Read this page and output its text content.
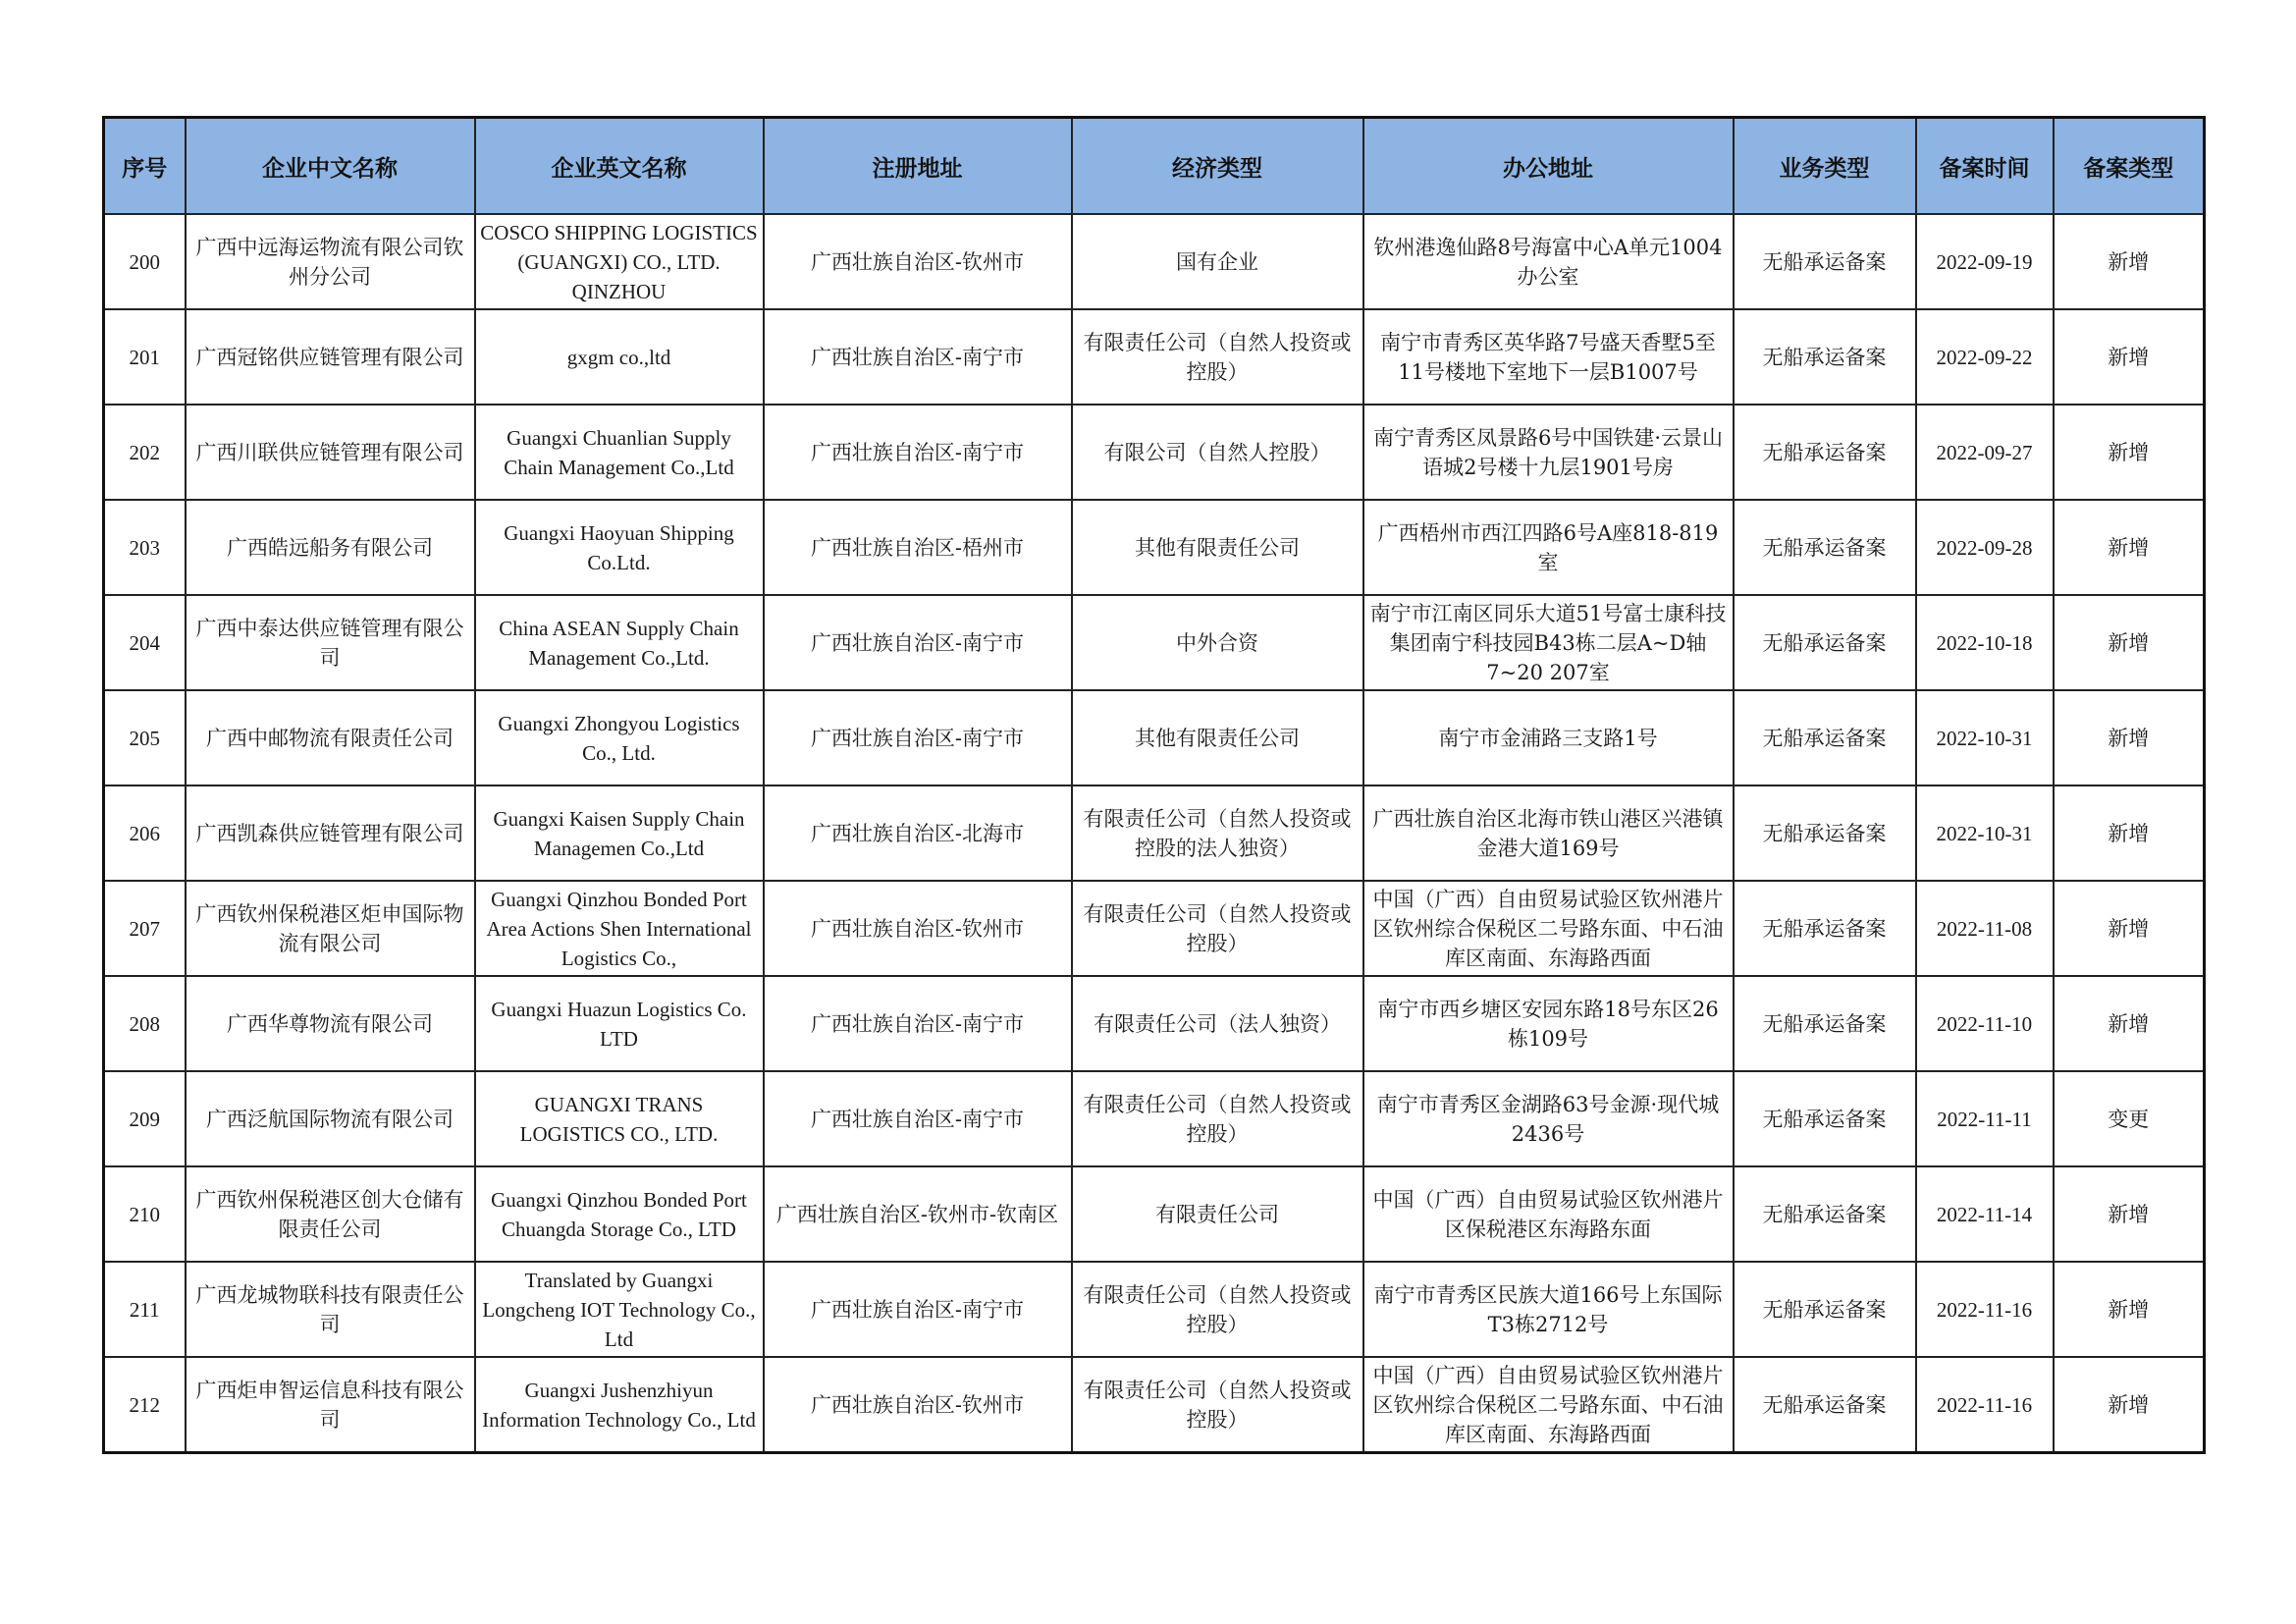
序号	企业中文名称	企业英文名称	注册地址	经济类型	办公地址	业务类型	备案时间	备案类型
200	广西中远海运物流有限公司钦州分公司	COSCO SHIPPING LOGISTICS (GUANGXI) CO., LTD. QINZHOU	广西壮族自治区-钦州市	国有企业	钦州港逸仙路8号海富中心A单元1004办公室	无船承运备案	2022-09-19	新增
201	广西冠铭供应链管理有限公司	gxgm co.,ltd	广西壮族自治区-南宁市	有限责任公司（自然人投资或控股）	南宁市青秀区英华路7号盛天香墅5至11号楼地下室地下一层B1007号	无船承运备案	2022-09-22	新增
202	广西川联供应链管理有限公司	Guangxi Chuanlian Supply Chain Management Co.,Ltd	广西壮族自治区-南宁市	有限公司（自然人控股）	南宁青秀区凤景路6号中国铁建·云景山语城2号楼十九层1901号房	无船承运备案	2022-09-27	新增
203	广西皓远船务有限公司	Guangxi Haoyuan Shipping Co.Ltd.	广西壮族自治区-梧州市	其他有限责任公司	广西梧州市西江四路6号A座818-819室	无船承运备案	2022-09-28	新增
204	广西中泰达供应链管理有限公司	China ASEAN Supply Chain Management Co.,Ltd.	广西壮族自治区-南宁市	中外合资	南宁市江南区同乐大道51号富士康科技集团南宁科技园B43栋二层A~D轴7~20 207室	无船承运备案	2022-10-18	新增
205	广西中邮物流有限责任公司	Guangxi Zhongyou Logistics Co., Ltd.	广西壮族自治区-南宁市	其他有限责任公司	南宁市金浦路三支路1号	无船承运备案	2022-10-31	新增
206	广西凯森供应链管理有限公司	Guangxi Kaisen Supply Chain Managemen Co.,Ltd	广西壮族自治区-北海市	有限责任公司（自然人投资或控股的法人独资）	广西壮族自治区北海市铁山港区兴港镇金港大道169号	无船承运备案	2022-10-31	新增
207	广西钦州保税港区炬申国际物流有限公司	Guangxi Qinzhou Bonded Port Area Actions Shen International Logistics Co.,	广西壮族自治区-钦州市	有限责任公司（自然人投资或控股）	中国（广西）自由贸易试验区钦州港片区钦州综合保税区二号路东面、中石油库区南面、东海路西面	无船承运备案	2022-11-08	新增
208	广西华尊物流有限公司	Guangxi Huazun Logistics Co. LTD	广西壮族自治区-南宁市	有限责任公司（法人独资）	南宁市西乡塘区安园东路18号东区26栋109号	无船承运备案	2022-11-10	新增
209	广西泛航国际物流有限公司	GUANGXI TRANS LOGISTICS CO., LTD.	广西壮族自治区-南宁市	有限责任公司（自然人投资或控股）	南宁市青秀区金湖路63号金源·现代城2436号	无船承运备案	2022-11-11	变更
210	广西钦州保税港区创大仓储有限责任公司	Guangxi Qinzhou Bonded Port Chuangda Storage Co., LTD	广西壮族自治区-钦州市-钦南区	有限责任公司	中国（广西）自由贸易试验区钦州港片区保税港区东海路东面	无船承运备案	2022-11-14	新增
211	广西龙城物联科技有限责任公司	Translated by Guangxi Longcheng IOT Technology Co., Ltd	广西壮族自治区-南宁市	有限责任公司（自然人投资或控股）	南宁市青秀区民族大道166号上东国际T3栋2712号	无船承运备案	2022-11-16	新增
212	广西炬申智运信息科技有限公司	Guangxi Jushenzhiyun Information Technology Co., Ltd	广西壮族自治区-钦州市	有限责任公司（自然人投资或控股）	中国（广西）自由贸易试验区钦州港片区钦州综合保税区二号路东面、中石油库区南面、东海路西面	无船承运备案	2022-11-16	新增
